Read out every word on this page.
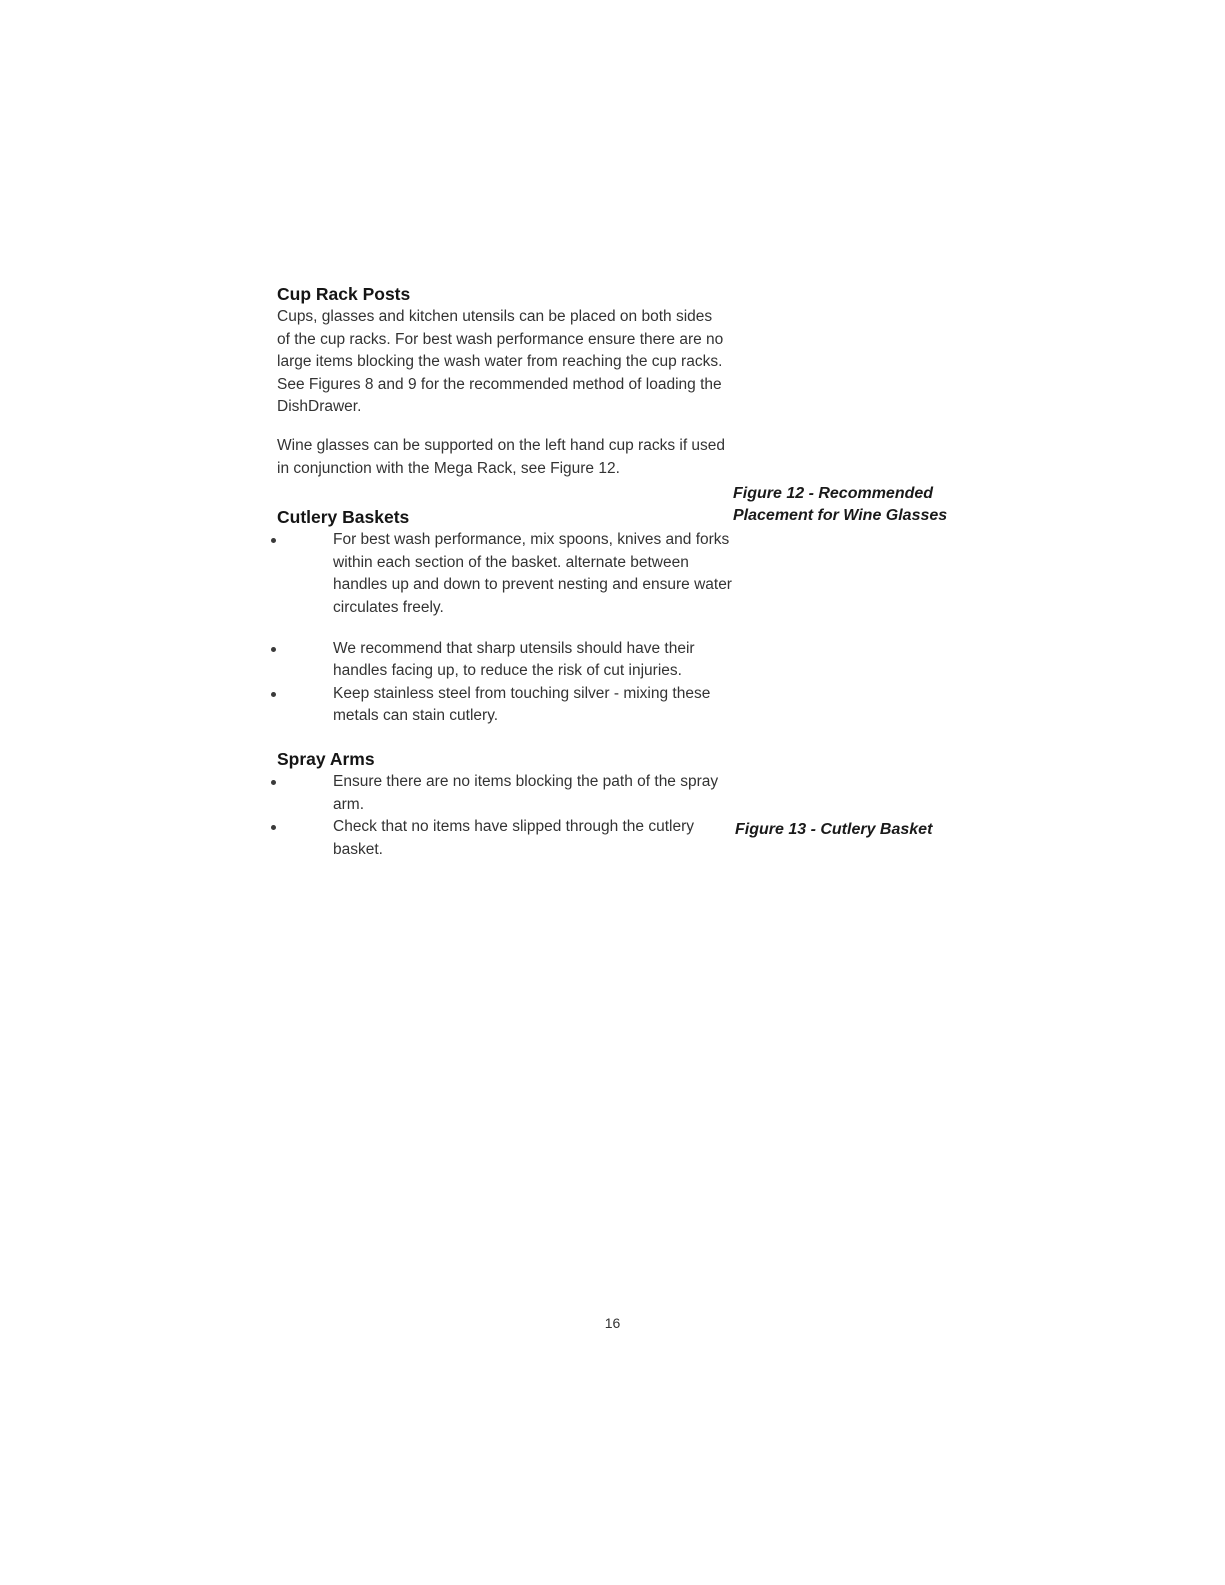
Cup Rack Posts

Cups, glasses and kitchen utensils can be placed on both sides of the cup racks. For best wash performance ensure there are no large items blocking the wash water from reaching the cup racks. See Figures 8 and 9 for the recommended method of loading the DishDrawer.

Wine glasses can be supported on the left hand cup racks if used in conjunction with the Mega Rack, see Figure 12.

Cutlery Baskets
For best wash performance, mix spoons, knives and forks within each section of the basket. alternate between handles up and down to prevent nesting and ensure water circulates freely.
We recommend that sharp utensils should have their handles facing up, to reduce the risk of cut injuries.
Keep stainless steel from touching silver - mixing these metals can stain cutlery.
Spray Arms
Ensure there are no items blocking the path of the spray arm.
Check that no items have slipped through the cutlery basket.
Figure 12 - Recommended Placement for Wine Glasses
Figure 13 - Cutlery Basket
16
